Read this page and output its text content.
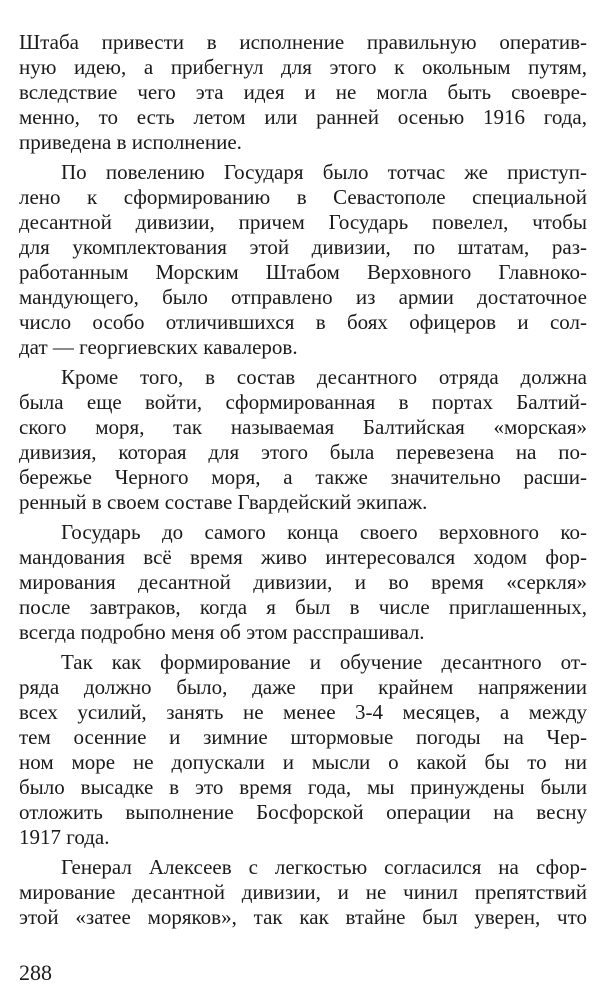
Штаба привести в исполнение правильную оператив-
ную идею, а прибегнул для этого к окольным путям,
вследствие чего эта идея и не могла быть своевре-
менно, то есть летом или ранней осенью 1916 года,
приведена в исполнение.
По повелению Государя было тотчас же приступ-
лено к сформированию в Севастополе специальной
десантной дивизии, причем Государь повелел, чтобы
для укомплектования этой дивизии, по штатам, раз-
работанным Морским Штабом Верховного Главноко-
мандующего, было отправлено из армии достаточное
число особо отличившихся в боях офицеров и сол-
дат — георгиевских кавалеров.
Кроме того, в состав десантного отряда должна
была еще войти, сформированная в портах Балтий-
ского моря, так называемая Балтийская «морская»
дивизия, которая для этого была перевезена на по-
бережье Черного моря, а также значительно расши-
ренный в своем составе Гвардейский экипаж.
Государь до самого конца своего верховного ко-
мандования всё время живо интересовался ходом фор-
мирования десантной дивизии, и во время «серкля»
после завтраков, когда я был в числе приглашенных,
всегда подробно меня об этом расспрашивал.
Так как формирование и обучение десантного от-
ряда должно было, даже при крайнем напряжении
всех усилий, занять не менее 3-4 месяцев, а между
тем осенние и зимние штормовые погоды на Чер-
ном море не допускали и мысли о какой бы то ни
было высадке в это время года, мы принуждены были
отложить выполнение Босфорской операции на весну
1917 года.
Генерал Алексеев с легкостью согласился на сфор-
мирование десантной дивизии, и не чинил препятствий
этой «затее моряков», так как втайне был уверен, что
288
